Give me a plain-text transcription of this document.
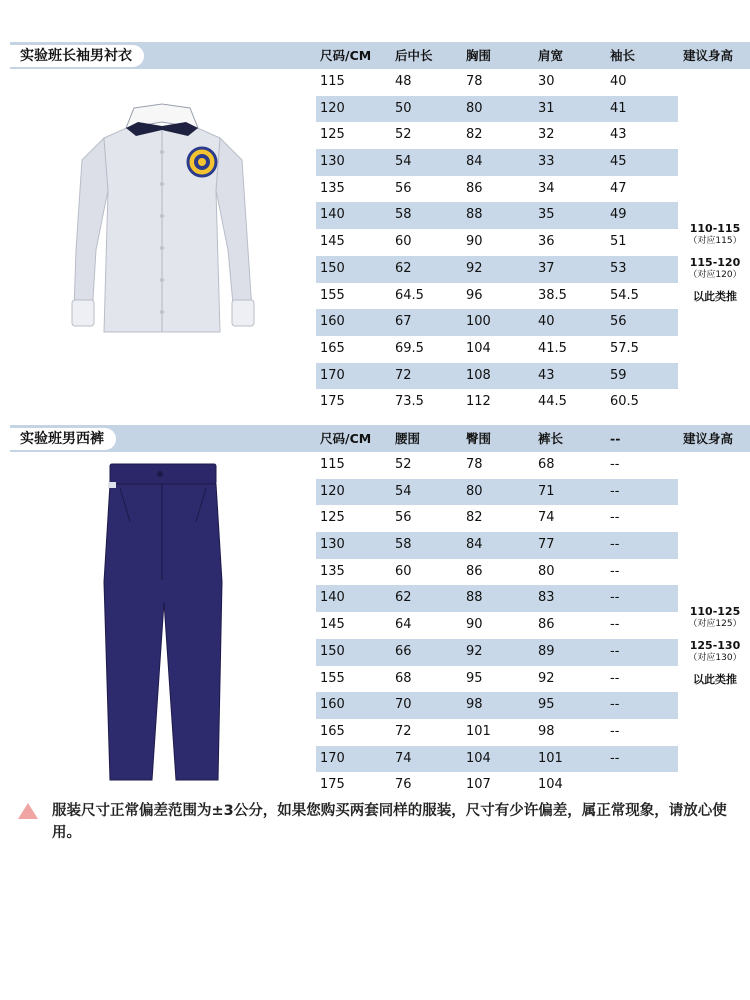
实验班长袖男衬衣	尺码/CM 后中长	胸围	肩宽	袖长	建议身高
115	48	78	30	40
120	50	80	31	41
125	52	82	32	43
130	54	84	33	45
135	56	86	34	47
140	58	88	35	49
145	60	90	36	51
150	62	92	37	53
155	64.5	96	38.5	54.5
160	67	100	40	56
165	69.5	104	41.5	57.5
170	72	108	43	59
175	73.5	112	44.5	60.5
110-115
（对应115）
115-120
（对应120）
以此类推
实验班男西裤	尺码/CM 腰围	臀围	裤长	--	建议身高
115	52	78	68	--
120	54	80	71	--
125	56	82	74	--
130	58	84	77	--
135	60	86	80	--
140	62	88	83	--
145	64	90	86	--
150	66	92	89	--
155	68	95	92	--
160	70	98	95	--
165	72	101	98	--
170	74	104	101	--
175	76	107	104
110-125
（对应125）
125-130
（对应130）
以此类推
服装尺寸正常偏差范围为±3公分，如果您购买两套同样的服装，尺寸有少许偏差，属正常现象，请放心使用。
